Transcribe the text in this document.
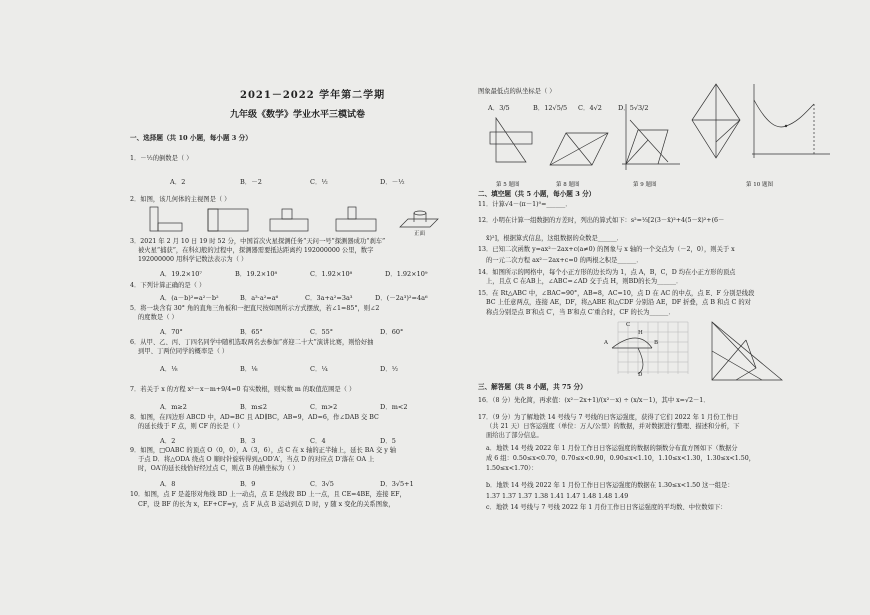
2021－2022 学年第二学期
九年级《数学》学业水平三模试卷
一、选择题（共 10 小题，每小题 3 分）
1．－½的倒数是（ ）
A．2	B．－2	C．½	D．－½
2．如图，该几何体的主视图是（ ）
正面
3．2021 年 2 月 10 日 19 时 52 分，中国首次火星探测任务“天问一号”探测器成功“刹车”
被火星“捕获”，在科幻般的过程中，探测器需要抵达距离约 192000000 公里，数字
192000000 用科学记数法表示为（ ）
A．19.2×10⁷	B．19.2×10⁸	C．1.92×10⁸	D．1.92×10⁹
4．下列计算正确的是（ ）
A．(a－b)²=a²－b²	B．a³·a²=a⁶	C．3a+a²=3a³	D．(－2a³)²=4a⁶
5．将一块含有 30° 角的直角三角板和一把直尺按如图所示方式摆放，若∠1=85°，则∠2
的度数是（ ）
A．70°	B．65°	C．55°	D．60°
6．从甲、乙、丙、丁四名同学中随机选取两名去参加“喜迎二十大”演讲比赛，则恰好抽
到甲、丁两位同学的概率是（ ）
A．⅛	B．⅙	C．¼	D．½
7．若关于 x 的方程 x²－x－m+9/4=0 有实数根，则实数 m 的取值范围是（ ）
A．m≥2	B．m≤2	C．m>2	D．m<2
8．如图，在四边形 ABCD 中，AD=BC 且 AD∥BC，AB=9，AD=6，作∠DAB 交 BC
的延长线于 F 点，则 CF 的长是（ ）
A．2	B．3	C．4	D．5
9．如图，□OABC 的顶点 O（0，0），A（3，6），点 C 在 x 轴的正半轴上，延长 BA 交 y 轴
于点 D．将△ODA 绕点 O 顺时针旋转得到△OD′A′，当点 D 的对应点 D′落在 OA 上
时，OA′的延长线恰好经过点 C，则点 B 的横坐标为（ ）
A．8	B．9	C．3√5	D．3√5+1
10．如图，点 F 是菱形对角线 BD 上一动点，点 E 是线段 BD 上一点，且 CE=4BE，连接 EF，
CF，设 BF 的长为 x，EF+CF=y，点 F 从点 B 运动到点 D 时，y 随 x 变化的关系图象，
图象最低点的纵坐标是（ ）
A．3/5	B．12√5/5 C．4√2 D．5√3/2
第 5 题图	第 8 题图	第 9 题图	第 10 题图
二、填空题（共 5 小题，每小题 3 分）
11．计算√4－(π－1)⁰=______．
12．小明在计算一组数据的方差时，列出的算式如下：s²=⅓[2(3－x̄)²+4(5－x̄)²+(6－
x̄)²]，根据算式信息，这组数据的众数是______．
13．已知二次函数 y=ax²－2ax+c(a≠0) 的图象与 x 轴的一个交点为（－2，0），则关于 x
的一元二次方程 ax²－2ax+c=0 的两根之积是______．
14．如图所示的网格中，每个小正方形的边长均为 1，点 A，B，C，D 均在小正方形的顶点
上，且点 C 在AB上，∠ABC=∠AD 交于点 H，则BD的长为______．
15．在 Rt△ABC 中，∠BAC=90°，AB=8，AC=10，点 D 在 AC 的中点，点 E、F 分别是线段
BC 上任意两点，连接 AE，DF，将△ABE 和△CDF 分别沿 AE，DF 折叠，点 B 和点 C 的对
称点分别是点 B′和点 C′，当 B′和点 C′重合时，CF 的长为______．
A	B
H
C
D
三、解答题（共 8 小题，共 75 分）
16．（8 分）先化简，再求值：(x²－2x+1)/(x²－x) ÷ (x/x－1)，其中 x=√2－1．
17．（9 分）为了解地铁 14 号线与 7 号线的日客运强度，获得了它们 2022 年 1 月份工作日
（共 21 天）日客运强度（单位：万人/公里）的数据，并对数据进行整理、描述和分析，下
面给出了部分信息。
a．地铁 14 号线 2022 年 1 月份工作日日客运强度的数据的频数分布直方图如下（数据分
成 6 组：0.50≤x<0.70，0.70≤x<0.90，0.90≤x<1.10，1.10≤x<1.30，1.30≤x<1.50，
1.50≤x<1.70）：
b．地铁 14 号线 2022 年 1 月份工作日日客运强度的数据在 1.30≤x<1.50 这一组是：
1.37 1.37 1.37 1.38 1.41 1.47 1.48 1.48 1.49
c．地铁 14 号线与 7 号线 2022 年 1 月份工作日日客运强度的平均数、中位数如下：
